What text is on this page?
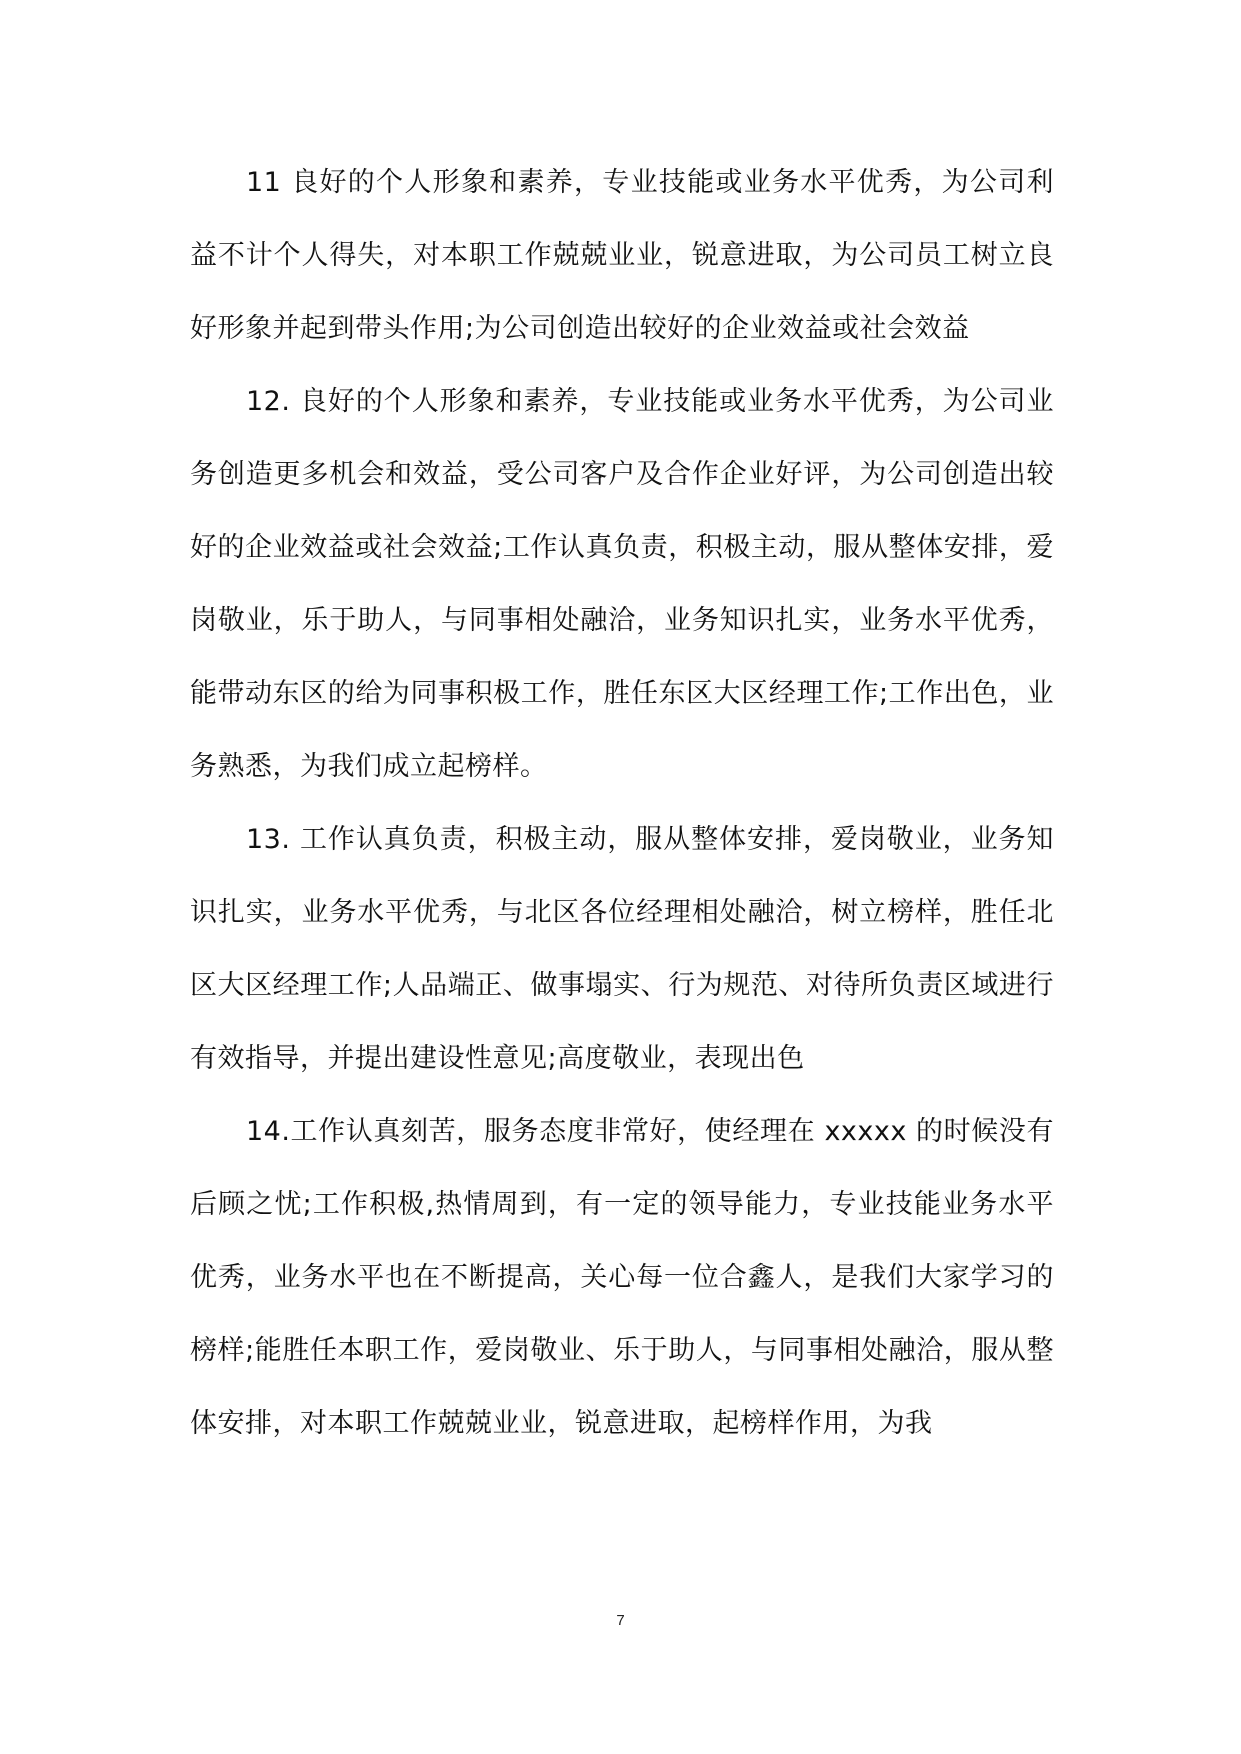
11 良好的个人形象和素养，专业技能或业务水平优秀，为公司利益不计个人得失，对本职工作兢兢业业，锐意进取，为公司员工树立良好形象并起到带头作用;为公司创造出较好的企业效益或社会效益

12. 良好的个人形象和素养，专业技能或业务水平优秀，为公司业务创造更多机会和效益，受公司客户及合作企业好评，为公司创造出较好的企业效益或社会效益;工作认真负责，积极主动，服从整体安排，爱岗敬业，乐于助人，与同事相处融洽，业务知识扎实，业务水平优秀，能带动东区的给为同事积极工作，胜任东区大区经理工作;工作出色，业务熟悉，为我们成立起榜样。

13. 工作认真负责，积极主动，服从整体安排，爱岗敬业，业务知识扎实，业务水平优秀，与北区各位经理相处融洽，树立榜样，胜任北区大区经理工作;人品端正、做事塌实、行为规范、对待所负责区域进行有效指导，并提出建设性意见;高度敬业，表现出色

14.工作认真刻苦，服务态度非常好，使经理在 xxxxx 的时候没有后顾之忧;工作积极,热情周到，有一定的领导能力，专业技能业务水平优秀，业务水平也在不断提高，关心每一位合鑫人，是我们大家学习的榜样;能胜任本职工作，爱岗敬业、乐于助人，与同事相处融洽，服从整体安排，对本职工作兢兢业业，锐意进取，起榜样作用，为我

7
